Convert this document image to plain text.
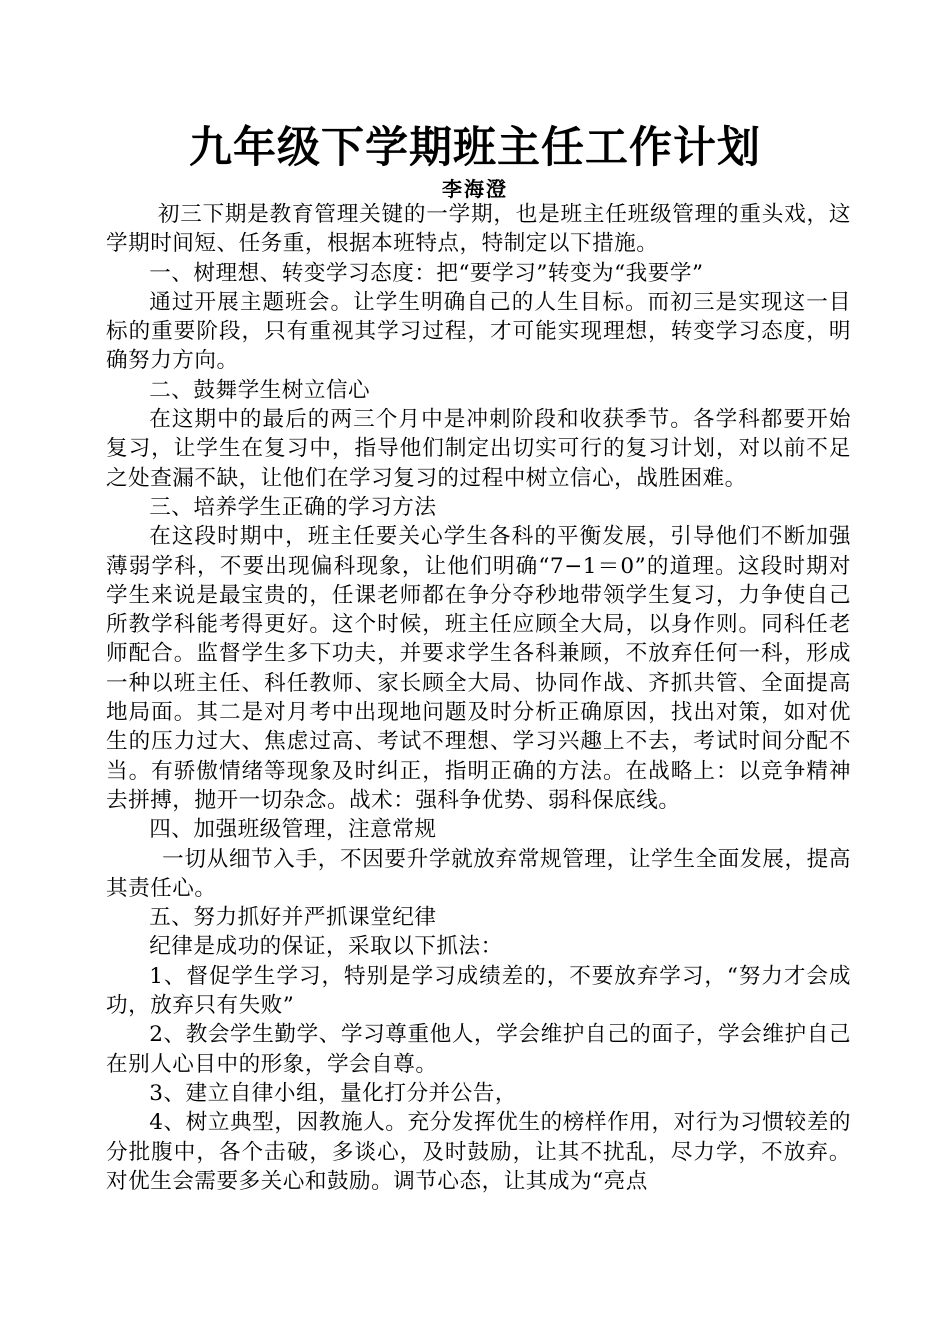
九年级下学期班主任工作计划
李海澄

初三下期是教育管理关键的一学期，也是班主任班级管理的重头戏，这学期时间短、任务重，根据本班特点，特制定以下措施。

一、树理想、转变学习态度：把“要学习”转变为“我要学”

通过开展主题班会。让学生明确自己的人生目标。而初三是实现这一目标的重要阶段，只有重视其学习过程，才可能实现理想，转变学习态度，明确努力方向。

二、鼓舞学生树立信心

在这期中的最后的两三个月中是冲刺阶段和收获季节。各学科都要开始复习，让学生在复习中，指导他们制定出切实可行的复习计划，对以前不足之处查漏不缺，让他们在学习复习的过程中树立信心，战胜困难。

三、培养学生正确的学习方法

在这段时期中，班主任要关心学生各科的平衡发展，引导他们不断加强薄弱学科，不要出现偏科现象，让他们明确“7−1＝0”的道理。这段时期对学生来说是最宝贵的，任课老师都在争分夺秒地带领学生复习，力争使自己所教学科能考得更好。这个时候，班主任应顾全大局，以身作则。同科任老师配合。监督学生多下功夫，并要求学生各科兼顾，不放弃任何一科，形成一种以班主任、科任教师、家长顾全大局、协同作战、齐抓共管、全面提高地局面。其二是对月考中出现地问题及时分析正确原因，找出对策，如对优生的压力过大、焦虑过高、考试不理想、学习兴趣上不去，考试时间分配不当。有骄傲情绪等现象及时纠正，指明正确的方法。在战略上：以竞争精神去拼搏，抛开一切杂念。战术：强科争优势、弱科保底线。

四、加强班级管理，注意常规

一切从细节入手，不因要升学就放弃常规管理，让学生全面发展，提高其责任心。

五、努力抓好并严抓课堂纪律

纪律是成功的保证，采取以下抓法：

1、督促学生学习，特别是学习成绩差的，不要放弃学习，“努力才会成功，放弃只有失败”

2、教会学生勤学、学习尊重他人，学会维护自己的面子，学会维护自己在别人心目中的形象，学会自尊。

3、建立自律小组，量化打分并公告，

4、树立典型，因教施人。充分发挥优生的榜样作用，对行为习惯较差的分批腹中，各个击破，多谈心，及时鼓励，让其不扰乱，尽力学，不放弃。对优生会需要多关心和鼓励。调节心态，让其成为“亮点
